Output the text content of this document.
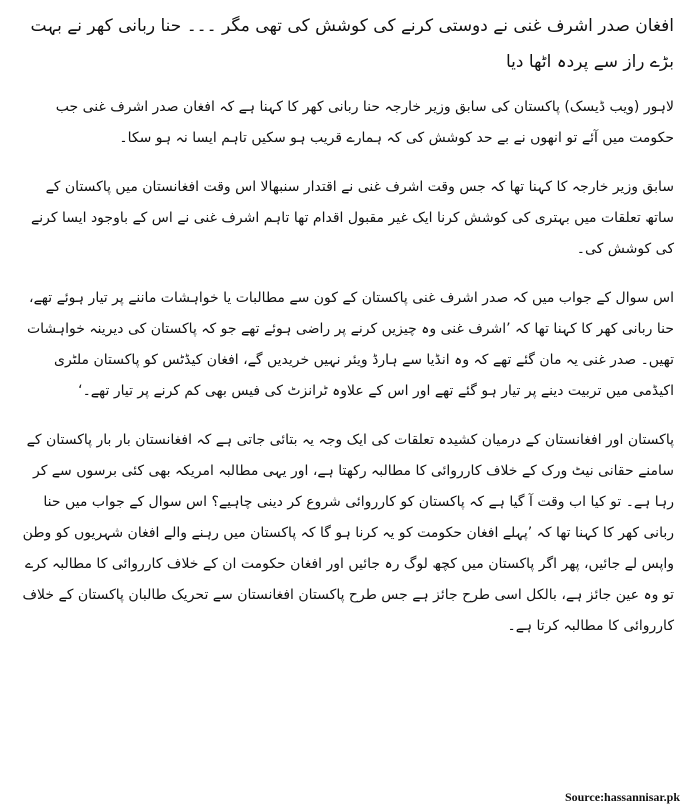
افغان صدر اشرف غنی نے دوستی کرنے کی کوشش کی تھی مگر ۔۔۔ حنا ربانی کھر نے بہت بڑے راز سے پردہ اٹھا دیا

لاہور (ویب ڈیسک) پاکستان کی سابق وزیر خارجہ حنا ربانی کھر کا کہنا ہے کہ افغان صدر اشرف غنی جب حکومت میں آئے تو انھوں نے بے حد کوشش کی کہ ہمارے قریب ہو سکیں تاہم ایسا نہ ہو سکا۔

سابق وزیر خارجہ کا کہنا تھا کہ جس وقت اشرف غنی نے اقتدار سنبھالا اس وقت افغانستان میں پاکستان کے ساتھ تعلقات میں بہتری کی کوشش کرنا ایک غیر مقبول اقدام تھا تاہم اشرف غنی نے اس کے باوجود ایسا کرنے کی کوشش کی۔

اس سوال کے جواب میں کہ صدر اشرف غنی پاکستان کے کون سے مطالبات یا خواہشات ماننے پر تیار ہوئے تھے، حنا ربانی کھر کا کہنا تھا کہ ’اشرف غنی وہ چیزیں کرنے پر راضی ہوئے تھے جو کہ پاکستان کی دیرینہ خواہشات تھیں۔ صدر غنی یہ مان گئے تھے کہ وہ انڈیا سے ہارڈ ویئر نہیں خریدیں گے، افغان کیڈٹس کو پاکستان ملٹری اکیڈمی میں تربیت دینے پر تیار ہو گئے تھے اور اس کے علاوہ ٹرانزٹ کی فیس بھی کم کرنے پر تیار تھے۔‘

پاکستان اور افغانستان کے درمیان کشیدہ تعلقات کی ایک وجہ یہ بتائی جاتی ہے کہ افغانستان بار بار پاکستان کے سامنے حقانی نیٹ ورک کے خلاف کارروائی کا مطالبہ رکھتا ہے، اور یہی مطالبہ امریکہ بھی کئی برسوں سے کر رہا ہے۔ تو کیا اب وقت آ گیا ہے کہ پاکستان کو کارروائی شروع کر دینی چاہیے؟ اس سوال کے جواب میں حنا ربانی کھر کا کہنا تھا کہ ’پہلے افغان حکومت کو یہ کرنا ہو گا کہ پاکستان میں رہنے والے افغان شہریوں کو وطن واپس لے جائیں، پھر اگر پاکستان میں کچھ لوگ رہ جائیں اور افغان حکومت ان کے خلاف کارروائی کا مطالبہ کرے تو وہ عین جائز ہے، بالکل اسی طرح جائز ہے جس طرح پاکستان افغانستان سے تحریک طالبان پاکستان کے خلاف کارروائی کا مطالبہ کرتا ہے۔

Source:hassannisar.pk
